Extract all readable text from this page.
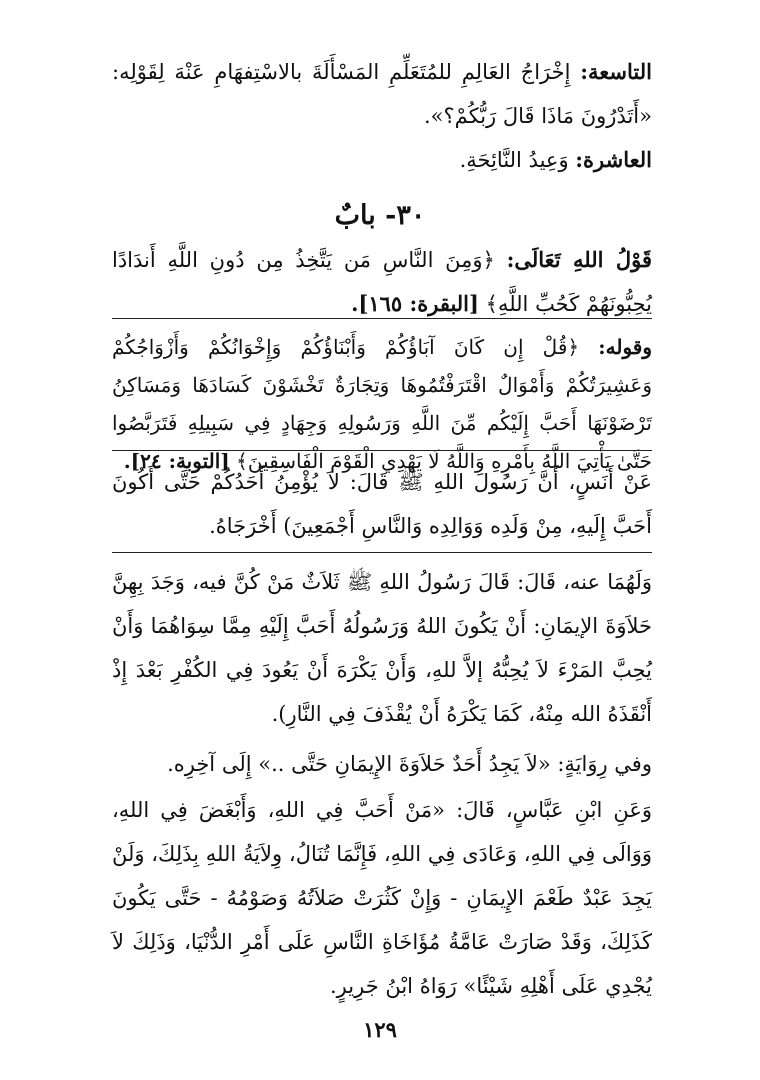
التاسعة: إِخْرَاجُ العَالِمِ للمُتَعَلِّمِ المَسْأَلَةَ بالاسْتِفهَامِ عَنْهَ لِقَوْلِه: «أَتَدْرُونَ مَاذَا قَالَ رَبُّكُمْ؟».

العاشرة: وَعِيدُ النَّائِحَةِ.

٣٠- بابٌ

قَوْلُ اللهِ تَعَالَى: ﴿وَمِنَ النَّاسِ مَن يَتَّخِذُ مِن دُونِ اللَّهِ أَندَادًا يُحِبُّونَهُمْ كَحُبِّ اللَّهِ﴾ [البقرة: ١٦٥].

وقوله: ﴿قُلْ إِن كَانَ آبَاؤُكُمْ وَأَبْنَاؤُكُمْ وَإِخْوَانُكُمْ وَأَزْوَاجُكُمْ وَعَشِيرَتُكُمْ وَأَمْوَالٌ اقْتَرَفْتُمُوهَا وَتِجَارَةٌ تَخْشَوْنَ كَسَادَهَا وَمَسَاكِنُ تَرْضَوْنَهَا أَحَبَّ إِلَيْكُم مِّنَ اللَّهِ وَرَسُولِهِ وَجِهَادٍ فِي سَبِيلِهِ فَتَرَبَّصُوا حَتَّىٰ يَأْتِيَ اللَّهُ بِأَمْرِهِ وَاللَّهُ لَا يَهْدِي الْقَوْمَ الْفَاسِقِينَ﴾ [التوبة: ٢٤].

عَنْ أَنَسٍ، أَنَّ رَسُولَ اللهِ ﷺ قَالَ: لاَ يُؤْمِنُ أَحَدُكُمْ حَتَّى أَكُونَ أَحَبَّ إِلَيهِ، مِنْ وَلَدِه وَوَالِدِه وَالنَّاسِ أَجْمَعِينَ) أَخْرَجَاهُ.

وَلَهُمَا عنه، قَالَ: قَالَ رَسُولُ اللهِ ﷺ ثَلاَثٌ مَنْ كُنَّ فيه، وَجَدَ بِهِنَّ حَلاَوَةَ الإيمَانِ: أَنْ يَكُونَ اللهُ وَرَسُولُهُ أَحَبَّ إِلَيْهِ مِمَّا سِوَاهُمَا وَأَنْ يُحِبَّ المَرْءَ لاَ يُحِبُّهُ إلاَّ للهِ، وَأَنْ يَكْرَهَ أَنْ يَعُودَ فِي الكُفْرِ بَعْدَ إِذْ أَنْقَذَهُ الله مِنْهُ، كَمَا يَكْرَهُ أَنْ يُقْذَفَ فِي النَّارِ).

وفي رِوَايَةٍ: «لاَ يَجِدُ أَحَدٌ حَلاَوَةَ الإِيمَانِ حَتَّى ..» إِلَى آخِرِه.

وَعَنِ ابْنِ عَبَّاسٍ، قَالَ: «مَنْ أَحَبَّ فِي اللهِ، وَأَبْغَضَ فِي اللهِ، وَوَالَى فِي اللهِ، وَعَادَى فِي اللهِ، فَإِنَّمَا تُنَالُ، وِلاَيَةُ اللهِ بِذَلِكَ، وَلَنْ يَجِدَ عَبْدٌ طَعْمَ الإِيمَانِ - وَإِنْ كَثُرَتْ صَلاَتُهُ وَصَوْمُهُ - حَتَّى يَكُونَ كَذَلِكَ، وَقَدْ صَارَتْ عَامَّةُ مُؤَاخَاةِ النَّاسِ عَلَى أَمْرِ الدُّنْيَا، وَذَلِكَ لاَ يُجْدِي عَلَى أَهْلِهِ شَيْئًا» رَوَاهُ ابْنُ جَرِيرٍ.

١٢٩
